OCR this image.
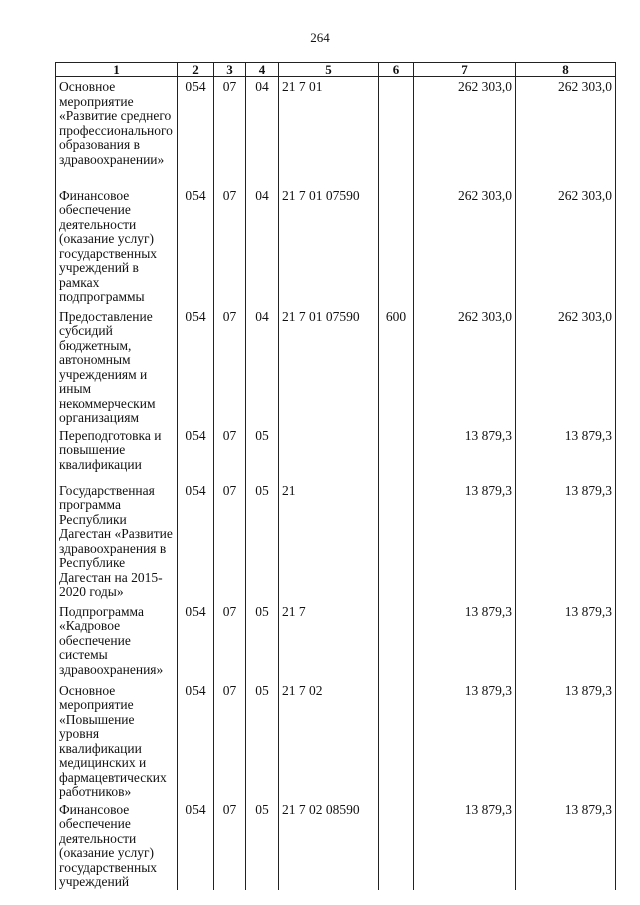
264
1	2	3	4	5	6	7	8
Основное мероприятие «Развитие среднего профессионального образования в здравоохранении»	054	07	04	21 7 01		262 303,0	262 303,0
Финансовое обеспечение деятельности (оказание услуг) государственных учреждений в рамках подпрограммы	054	07	04	21 7 01 07590		262 303,0	262 303,0
Предоставление субсидий бюджетным, автономным учреждениям и иным некоммерческим организациям	054	07	04	21 7 01 07590	600	262 303,0	262 303,0
Переподготовка и повышение квалификации	054	07	05			13 879,3	13 879,3
Государственная программа Республики Дагестан «Развитие здравоохранения в Республике Дагестан на 2015-2020 годы»	054	07	05	21		13 879,3	13 879,3
Подпрограмма «Кадровое обеспечение системы здравоохранения»	054	07	05	21 7		13 879,3	13 879,3
Основное мероприятие «Повышение уровня квалификации медицинских и фармацевтических работников»	054	07	05	21 7 02		13 879,3	13 879,3
Финансовое обеспечение деятельности (оказание услуг) государственных учреждений	054	07	05	21 7 02 08590		13 879,3	13 879,3
